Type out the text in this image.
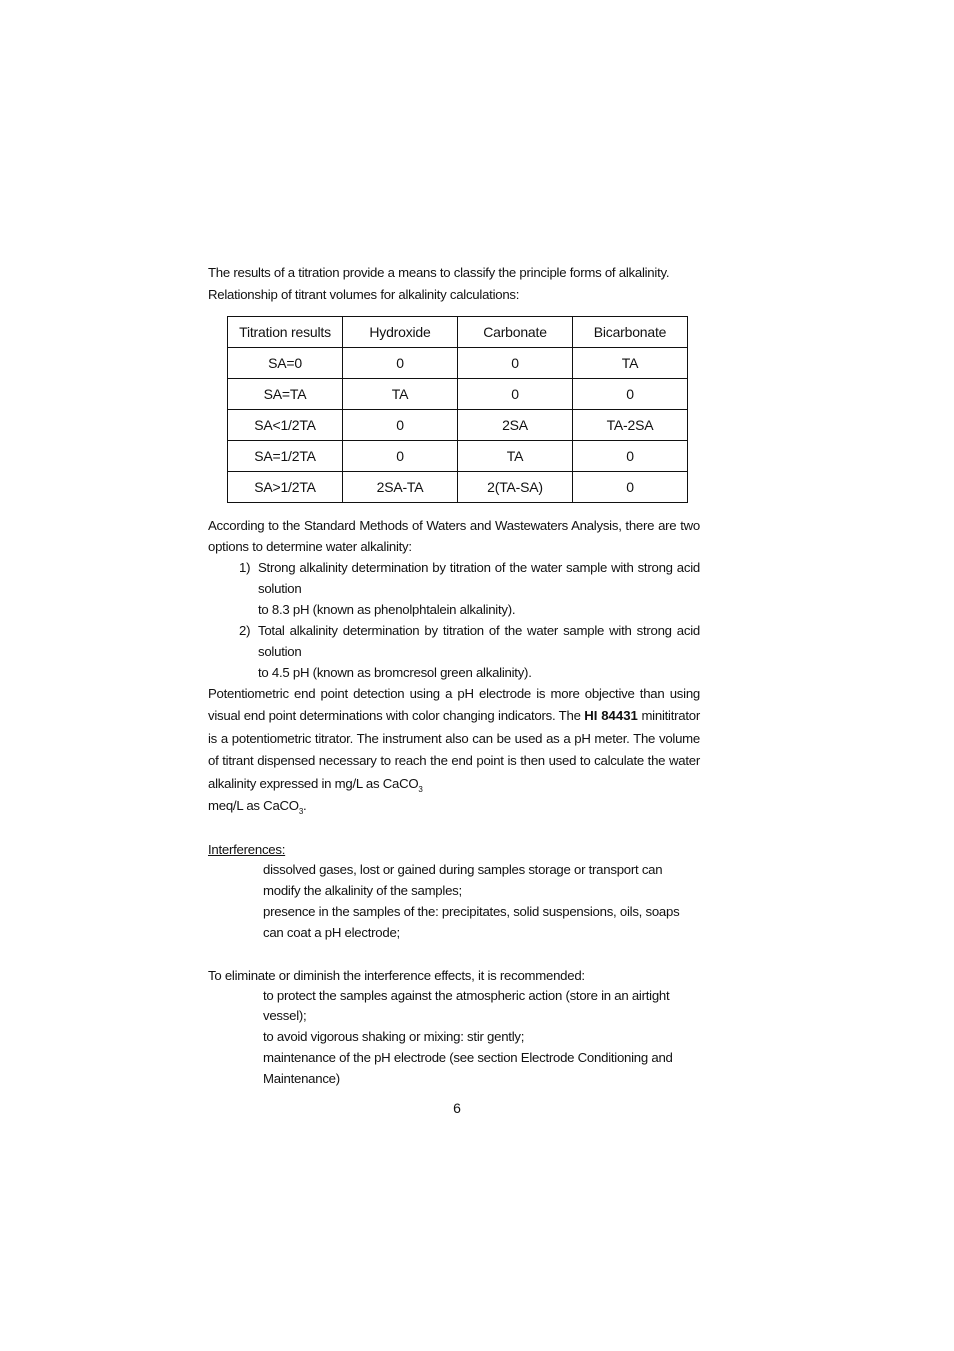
The results of a titration provide a means to classify the principle forms of alkalinity.

Relationship of titrant volumes for alkalinity calculations:

Titration results	Hydroxide	Carbonate	Bicarbonate
SA=0	0	0	TA
SA=TA	TA	0	0
SA<1/2TA	0	2SA	TA-2SA
SA=1/2TA	0	TA	0
SA>1/2TA	2SA-TA	2(TA-SA)	0

According to the Standard Methods of Waters and Wastewaters Analysis, there are two options to determine water alkalinity:

1) Strong alkalinity determination by titration of the water sample with strong acid solution
to 8.3 pH (known as phenolphtalein alkalinity).
2) Total alkalinity determination by titration of the water sample with strong acid solution
to 4.5 pH (known as bromcresol green alkalinity).

Potentiometric end point detection using a pH electrode is more objective than using visual end point determinations with color changing indicators. The HI 84431 minititrator is a potentiometric titrator. The instrument also can be used as a pH meter. The volume of titrant dispensed necessary to reach the end point is then used to calculate the water alkalinity expressed in mg/L as CaCO$_3$
meq/L as CaCO$_3$.

Interferences:

dissolved gases, lost or gained during samples storage or transport can modify the alkalinity of the samples;
presence in the samples of the: precipitates, solid suspensions, oils, soaps can coat a pH electrode;

To eliminate or diminish the interference effects, it is recommended:

to protect the samples against the atmospheric action (store in an airtight vessel);
to avoid vigorous shaking or mixing: stir gently;
maintenance of the pH electrode (see section Electrode Conditioning and Maintenance)
6
